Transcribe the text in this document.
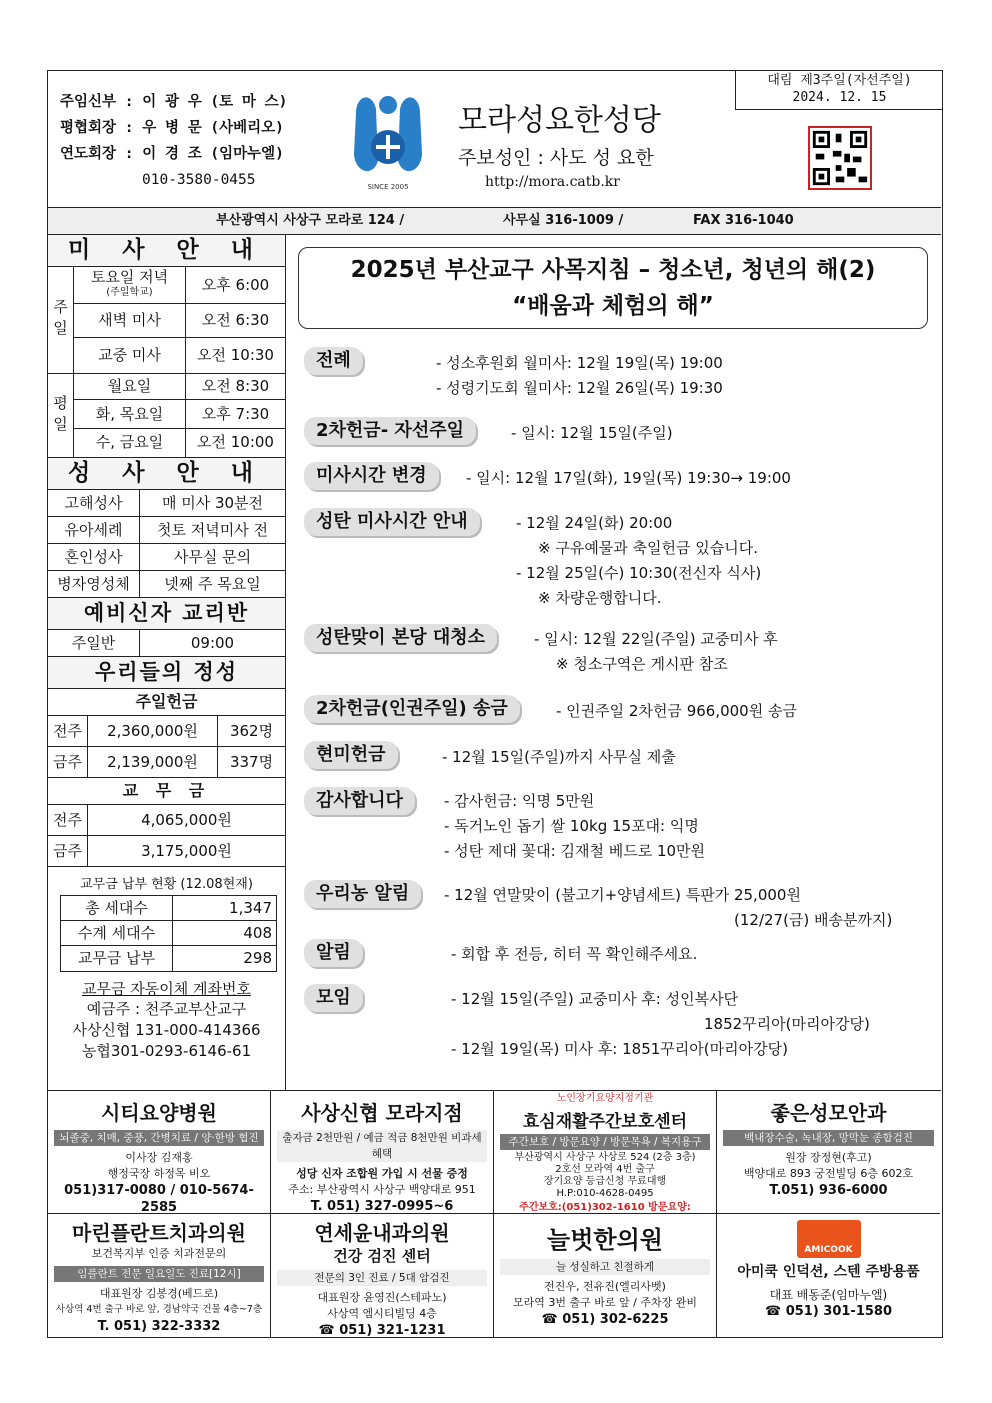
주임신부 : 이 광 우 (토 마 스)
평협회장 : 우 병 문 (사베리오)
연도회장 : 이 경 조 (임마누엘)
010-3580-0455	SINCE 2005
모라성요한성당
주보성인 : 사도 성 요한
http://mora.catb.kr
대림 제3주일(자선주일)
2024. 12. 15
부산광역시 사상구 모라로 124 /	사무실 316-1009 /	FAX 316-1040
미 사 안 내
주일
토요일 저녁
(주일학교)	오후 6:00
새벽 미사	오전 6:30
교중 미사	오전 10:30
평일
월요일	오전 8:30
화, 목요일	오후 7:30
수, 금요일	오전 10:00
성 사 안 내
고해성사	매 미사 30분전
유아세례	첫토 저녁미사 전
혼인성사	사무실 문의
병자영성체	넷째 주 목요일
예비신자 교리반
주일반	09:00
우리들의 정성
주일헌금
전주	2,360,000원	362명
금주	2,139,000원	337명
교 무 금
전주	4,065,000원
금주	3,175,000원
교무금 납부 현황 (12.08현재)
총 세대수	1,347
수계 세대수	408
교무금 납부	298
교무금 자동이체 계좌번호
예금주 : 천주교부산교구
사상신협 131-000-414366
농협301-0293-6146-61
2025년 부산교구 사목지침 – 청소년, 청년의 해(2)
“배움과 체험의 해”
전례	- 성소후원회 월미사: 12월 19일(목) 19:00
- 성령기도회 월미사: 12월 26일(목) 19:30
2차헌금- 자선주일	- 일시: 12월 15일(주일)
미사시간 변경	- 일시: 12월 17일(화), 19일(목) 19:30→ 19:00
성탄 미사시간 안내	- 12월 24일(화) 20:00
※ 구유예물과 축일헌금 있습니다.
- 12월 25일(수) 10:30(전신자 식사)
※ 차량운행합니다.
성탄맞이 본당 대청소	- 일시: 12월 22일(주일) 교중미사 후
※ 청소구역은 게시판 참조
2차헌금(인권주일) 송금	- 인권주일 2차헌금 966,000원 송금
현미헌금	- 12월 15일(주일)까지 사무실 제출
감사합니다	- 감사헌금: 익명 5만원
- 독거노인 돕기 쌀 10kg 15포대: 익명
- 성탄 제대 꽃대: 김재철 베드로 10만원
우리농 알림	- 12월 연말맞이 (불고기+양념세트) 특판가 25,000원
(12/27(금) 배송분까지)
알림	- 회합 후 전등, 히터 꼭 확인해주세요.
모임	- 12월 15일(주일) 교중미사 후: 성인복사단
1852꾸리아(마리아강당)
- 12월 19일(목) 미사 후: 1851꾸리아(마리아강당)
시티요양병원
뇌졸중, 치매, 중풍, 간병치료 / 양·한방 협진
이사장 김재홍
행정국장 하정목 비오
051)317-0080 / 010-5674-2585
사상신협 모라지점
출자금 2천만원 / 예금 적금 8천만원 비과세 혜택
성당 신자 조합원 가입 시 선물 증정
주소: 부산광역시 사상구 백양대로 951
T. 051) 327-0995~6
노인장기요양지정기관
효심재활주간보호센터
주간보호 / 방문요양 / 방문목욕 / 복지용구
부산광역시 사상구 사상로 524 (2층 3층)
2호선 모라역 4번 출구
장기요양 등급신청 무료대행
H.P:010-4628-0495
주간보호:(051)302-1610 방문요양:
좋은성모안과
백내장수술, 녹내장, 망막눈 종합검진
원장 장정현(후고)
백양대로 893 궁전빌딩 6층 602호
T.051) 936-6000
마린플란트치과의원
보건복지부 인증 치과전문의
임플란트 전문 일요일도 진료[12시]
대표원장 김봉경(베드로)
사상역 4번 출구 바로 앞, 경남약국 건물 4층~7층
T. 051) 322-3332
연세윤내과의원
건강 검진 센터
전문의 3인 진료 / 5대 암검진
대표원장 윤영진(스테파노)
사상역 엠시티빌딩 4층
☎ 051) 321-1231
늘벗한의원
늘 성실하고 친절하게
전진우, 전유진(엘리사벳)
모라역 3번 출구 바로 앞 / 주차장 완비
☎ 051) 302-6225
AMICOOK
아미쿡 인덕션, 스텐 주방용품
대표 배동준(임마누엘)
☎ 051) 301-1580
